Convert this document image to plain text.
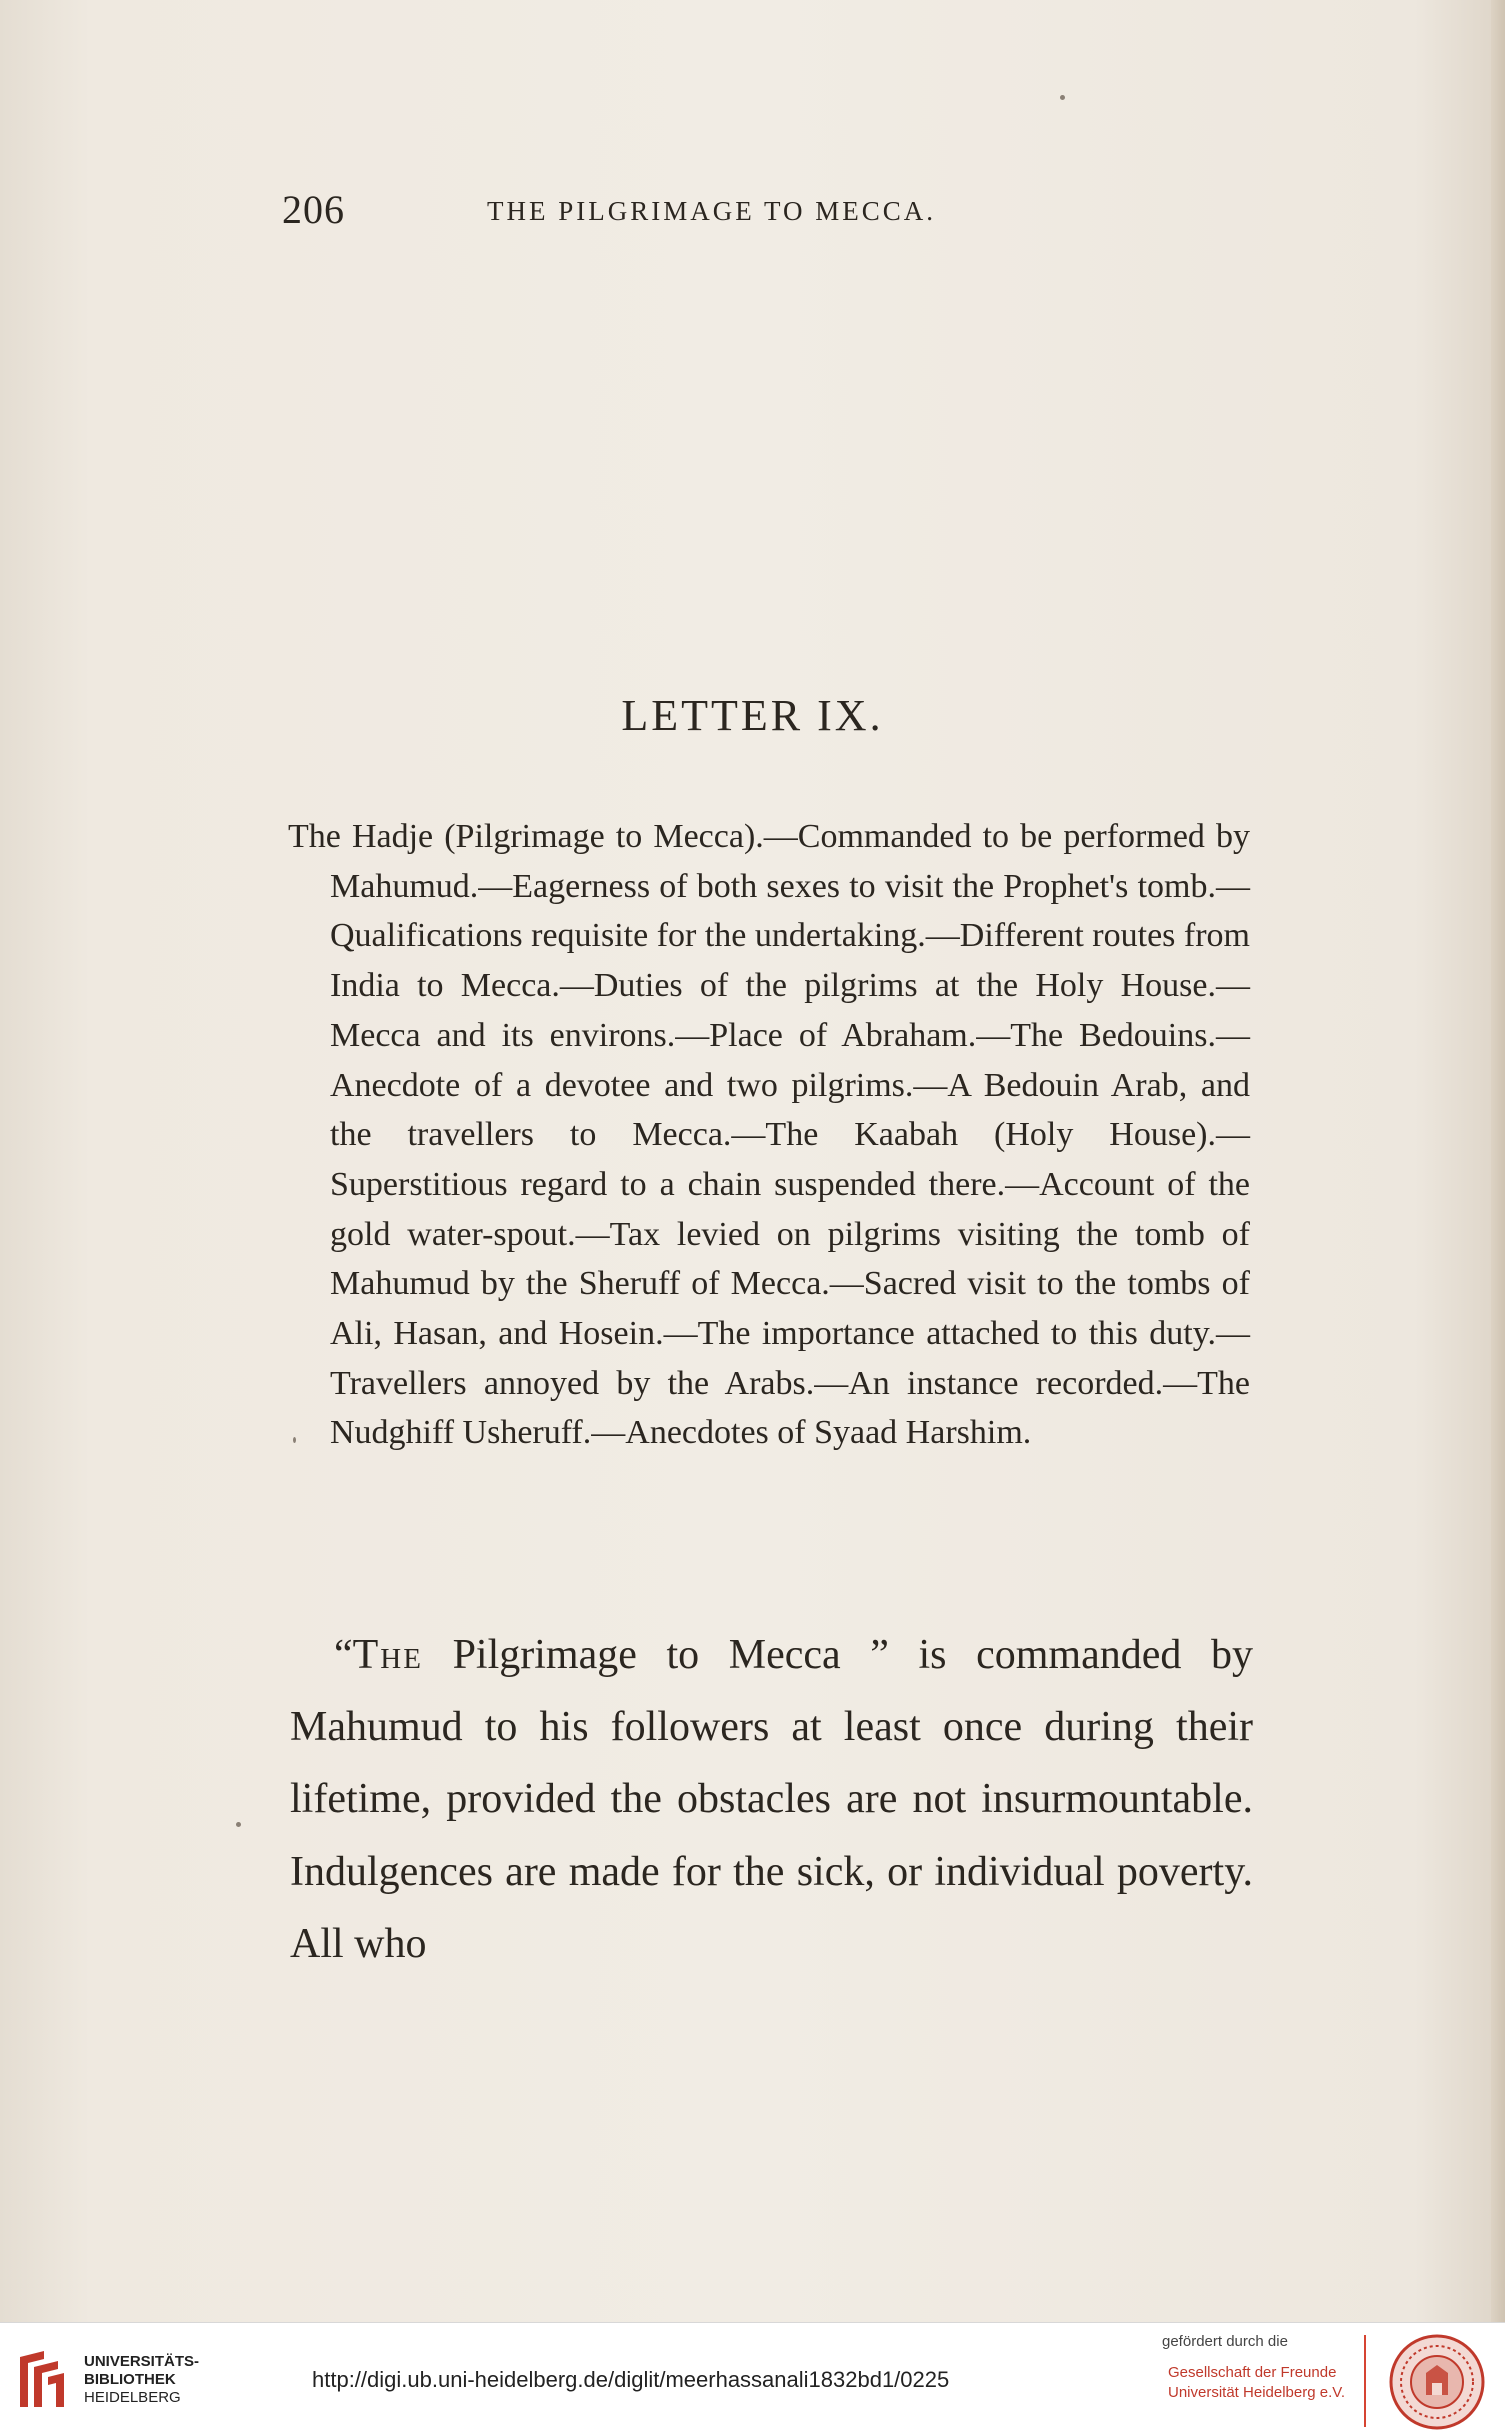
206	THE PILGRIMAGE TO MECCA.
LETTER IX.

The Hadje (Pilgrimage to Mecca).—Commanded to be performed by Mahumud.—Eagerness of both sexes to visit the Prophet's tomb.—Qualifications requisite for the undertaking.—Different routes from India to Mecca.—Duties of the pilgrims at the Holy House.—Mecca and its environs.—Place of Abraham.—The Bedouins.—Anecdote of a devotee and two pilgrims.—A Bedouin Arab, and the travellers to Mecca.—The Kaabah (Holy House).—Superstitious regard to a chain suspended there.—Account of the gold water-spout.—Tax levied on pilgrims visiting the tomb of Mahumud by the Sheruff of Mecca.—Sacred visit to the tombs of Ali, Hasan, and Hosein.—The importance attached to this duty.—Travellers annoyed by the Arabs.—An instance recorded.—The Nudghiff Usheruff.—Anecdotes of Syaad Harshim.

“The Pilgrimage to Mecca ” is commanded by Mahumud to his followers at least once during their lifetime, provided the obstacles are not insurmountable. Indulgences are made for the sick, or individual poverty. All who

UNIVERSITÄTS-
BIBLIOTHEK
HEIDELBERG
http://digi.ub.uni-heidelberg.de/diglit/meerhassanali1832bd1/0225
gefördert durch die
Gesellschaft der Freunde
Universität Heidelberg e.V.
